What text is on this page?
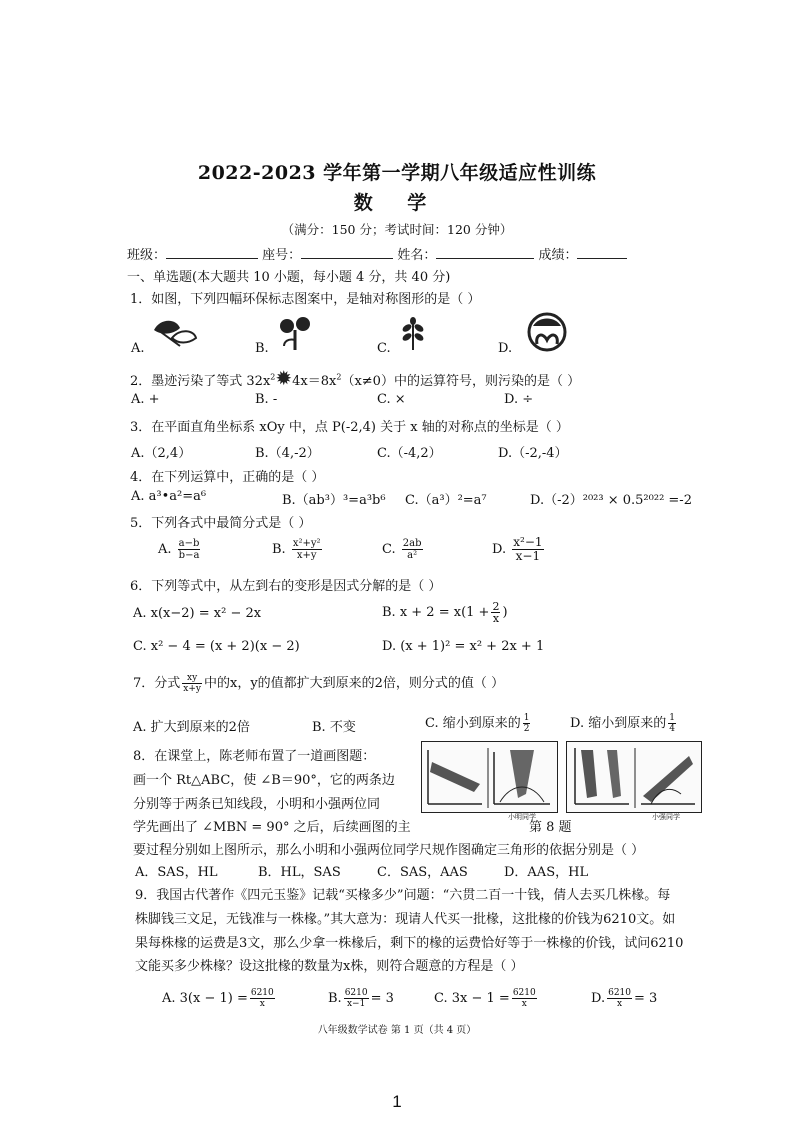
2022-2023 学年第一学期八年级适应性训练
数 学
（满分：150 分；考试时间：120 分钟）
班级：	座号：	姓名：	成绩：
一、单选题(本大题共 10 小题，每小题 4 分，共 40 分)
1．如图，下列四幅环保标志图案中，是轴对称图形的是（ ）
A.	B.	C.	D.
2．墨迹污染了等式 $32x^2✹4x=8x^2(x\ne 0)$中的运算符号，则污染的是（ ）
A. +	B. -	C. ×	D. ÷
3．在平面直角坐标系 xOy 中，点 P(-2,4) 关于 x 轴的对称点的坐标是（ ）
A.（2,4）	B.（4,-2）	C.（-4,2）	D.（-2,-4）
4．在下列运算中，正确的是（ ）
A. a³•a²=a⁶	B.（ab³）³=a³b⁶ C.（a³）²=a⁷	D.（-2）²⁰²³ × 0.5²⁰²² =-2
5．下列各式中最简分式是（ ）
A. $\frac{a-b}{b-a}$	B. $\frac{\text{x²+y²}}{x+y}$	C. $\frac{2ab}{\text{a²}}$	D. $\frac{\text{x²−1}}{x-1}$
6．下列等式中，从左到右的变形是因式分解的是（ ）
A. x(x−2) = x² − 2x	B. $x + 2 = x(1 + \frac{2}{x}$ )
C. x² − 4 = (x + 2)(x − 2)	D. (x + 1)² = x² + 2x + 1
7．分式 $\frac{xy}{x+y}$ 中的x，y的值都扩大到原来的2倍，则分式的值（ ）
A. 扩大到原来的2倍	B. 不变	C. 缩小到原来的 $\frac{1}{2}$	D. 缩小到原来的 $\frac{1}{4}$
8．在课堂上，陈老师布置了一道画图题：
画一个 Rt△ABC，使 ∠B＝90°，它的两条边
分别等于两条已知线段，小明和小强两位同
学先画出了 ∠MBN = 90° 之后，后续画图的主
要过程分别如上图所示，那么小明和小强两位同学尺规作图确定三角形的依据分别是（ ）
小明同学	小强同学
第 8 题
A．SAS，HL	B．HL，SAS	C．SAS，AAS	D．AAS，HL
9．我国古代著作《四元玉鉴》记载“买椽多少”问题：“六贯二百一十钱，倩人去买几株椽。每
株脚钱三文足，无钱准与一株椽。”其大意为：现请人代买一批椽，这批椽的价钱为6210文。如
果每株椽的运费是3文，那么少拿一株椽后，剩下的椽的运费恰好等于一株椽的价钱，试问6210
文能买多少株椽？设这批椽的数量为x株，则符合题意的方程是（ ）
A. $3(x - 1) = \frac{6210}{x}$	B. $\frac{6210}{x-1} = 3$	C. $3x - 1 = \frac{6210}{x}$	D. $\frac{6210}{x} = 3$
八年级数学试卷 第 1 页（共 4 页）
1
